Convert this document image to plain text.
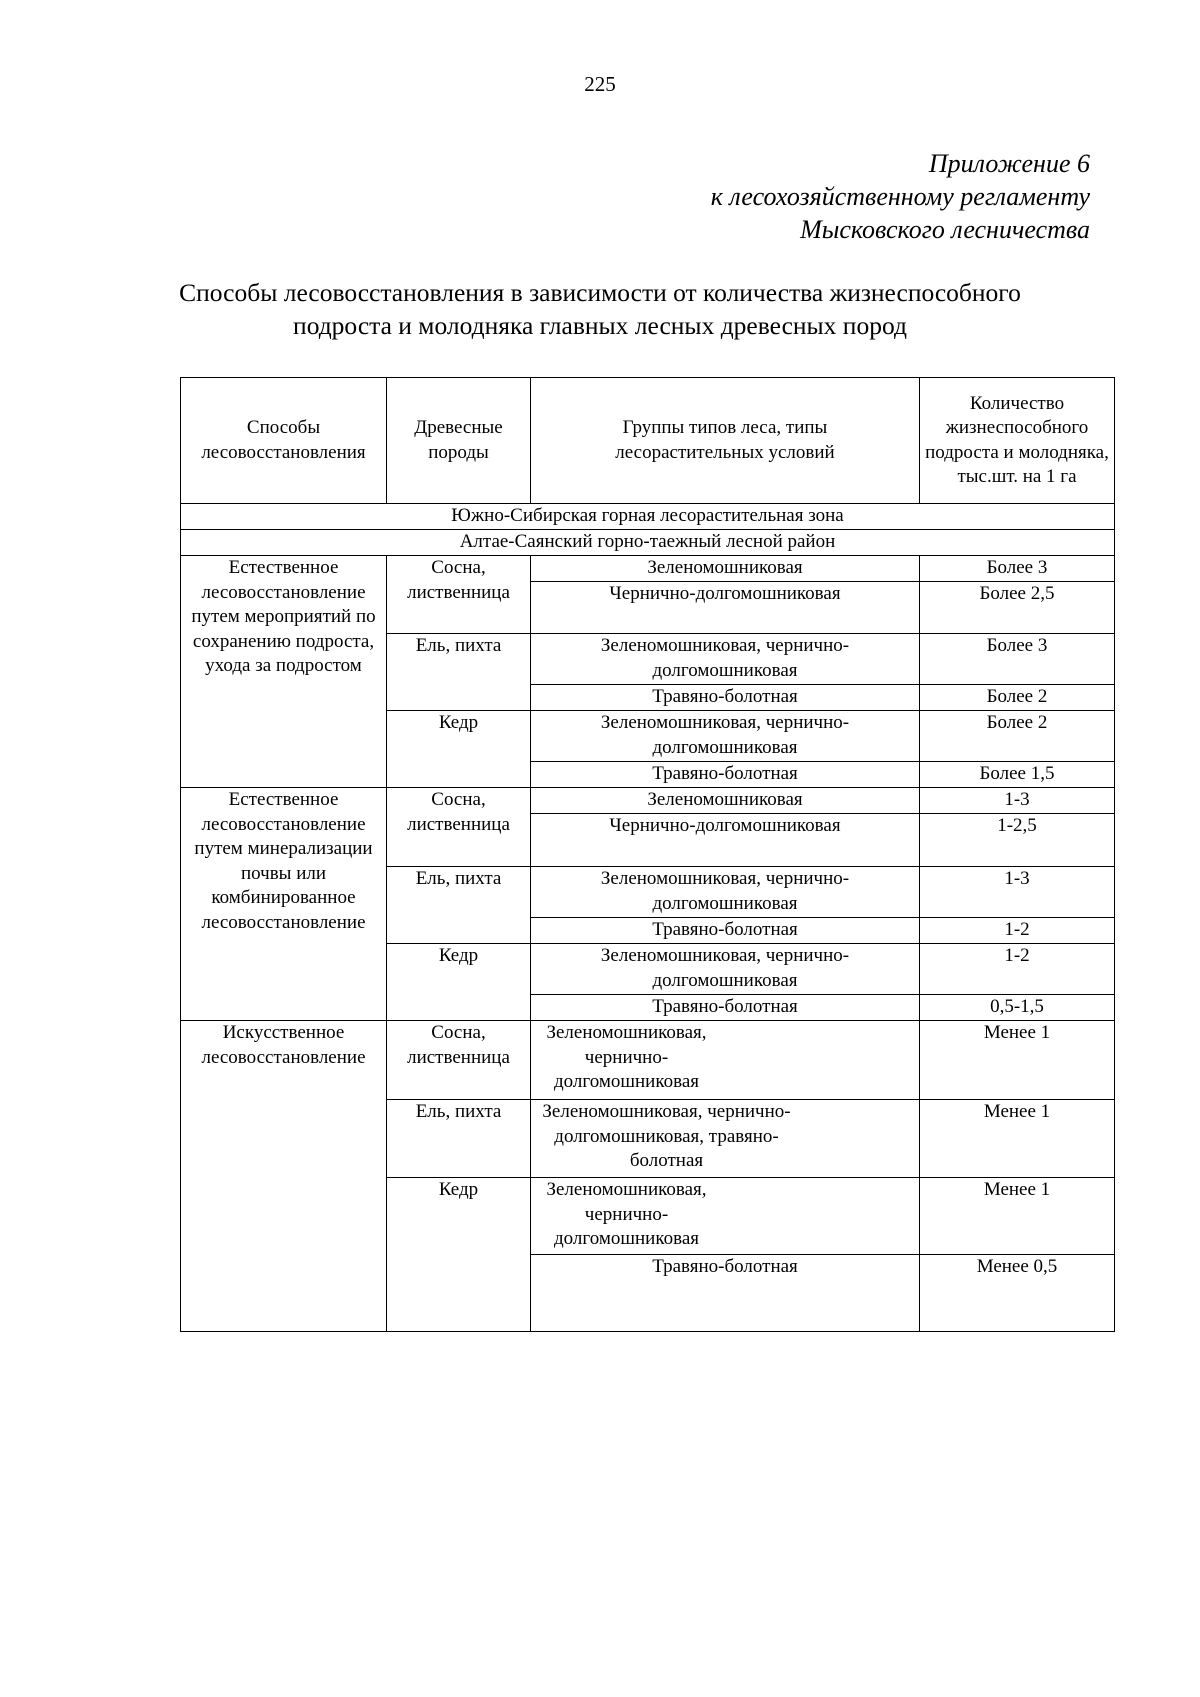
225
Приложение 6
к лесохозяйственному регламенту
Мысковского лесничества
Способы лесовосстановления в зависимости от количества жизнеспособного
подроста и молодняка главных лесных древесных пород
Способы лесовосстановления	Древесные породы	Группы типов леса, типы лесорастительных условий	Количество жизнеспособного подроста и молодняка, тыс.шт. на 1 га
Южно-Сибирская горная лесорастительная зона			
Алтае-Саянский горно-таежный лесной район			
Естественное лесовосстановление путем мероприятий по сохранению подроста, ухода за подростом	Сосна, лиственница	Зеленомошниковая	Более 3
		Чернично-долгомошниковая	Более 2,5
	Ель, пихта	Зеленомошниковая, чернично-долгомошниковая	Более 3
		Травяно-болотная	Более 2
	Кедр	Зеленомошниковая, чернично-долгомошниковая	Более 2
		Травяно-болотная	Более 1,5
Естественное лесовосстановление путем минерализации почвы или комбинированное лесовосстановление	Сосна, лиственница	Зеленомошниковая	1-3
		Чернично-долгомошниковая	1-2,5
	Ель, пихта	Зеленомошниковая, чернично-долгомошниковая	1-3
		Травяно-болотная	1-2
	Кедр	Зеленомошниковая, чернично-долгомошниковая	1-2
		Травяно-болотная	0,5-1,5
Искусственное лесовосстановление	Сосна, лиственница	Зеленомошниковая, чернично-долгомошниковая	Менее 1
	Ель, пихта	Зеленомошниковая, чернично-долгомошниковая, травяно-болотная	Менее 1
	Кедр	Зеленомошниковая, чернично-долгомошниковая	Менее 1
		Травяно-болотная	Менее 0,5
